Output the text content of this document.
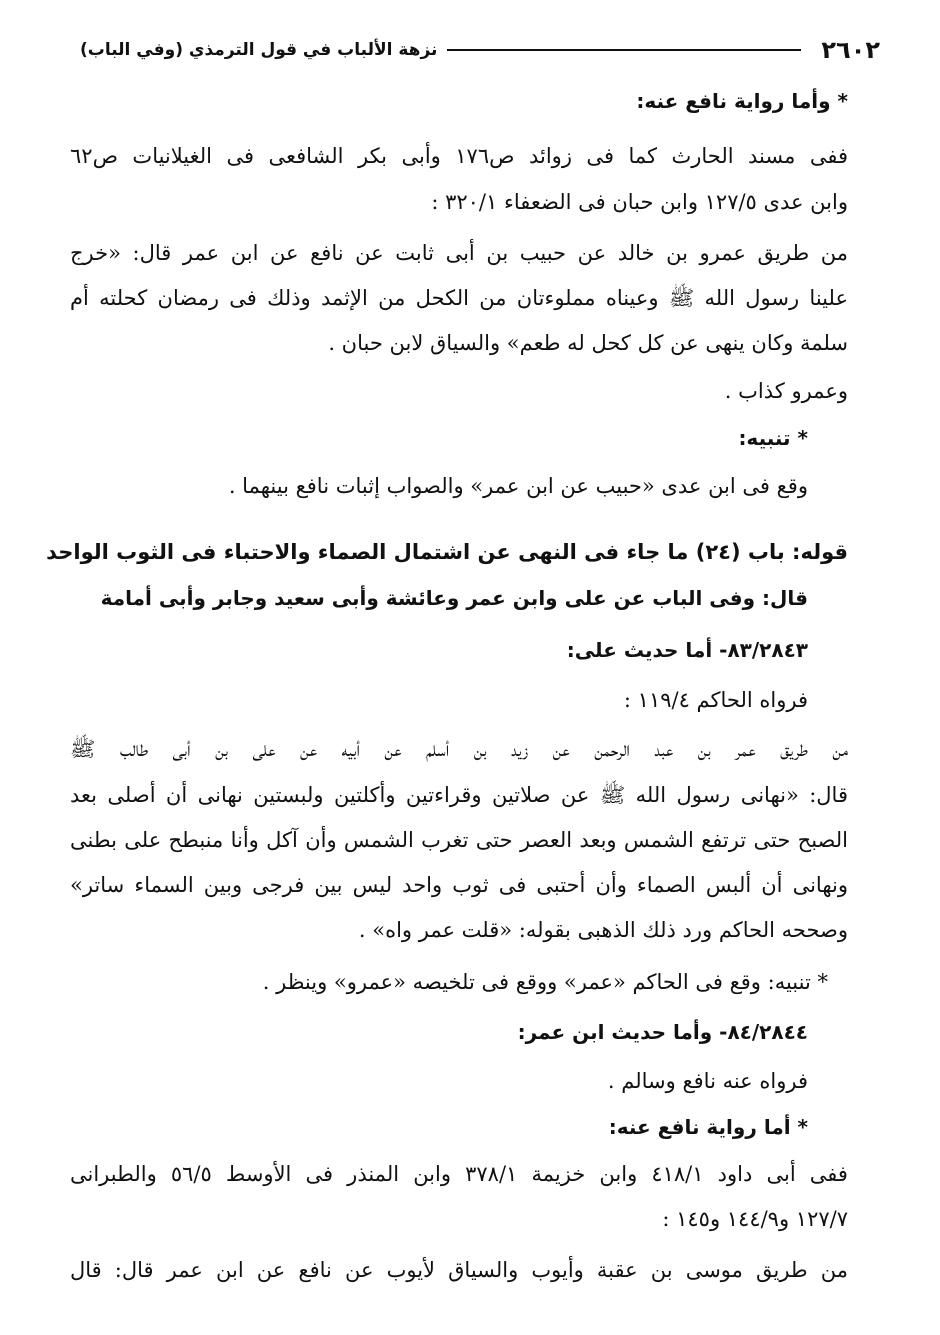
٢٦٠٢
نزهة الألباب في قول الترمذي (وفي الباب)
* وأما رواية نافع عنه:
ففى مسند الحارث كما فى زوائد ص١٧٦ وأبى بكر الشافعى فى الغيلانيات ص٦٢
وابن عدى ١٢٧/٥ وابن حبان فى الضعفاء ٣٢٠/١ :
من طريق عمرو بن خالد عن حبيب بن أبى ثابت عن نافع عن ابن عمر قال: «خرج
علينا رسول الله ﷺ وعيناه مملوءتان من الكحل من الإثمد وذلك فى رمضان كحلته أم
سلمة وكان ينهى عن كل كحل له طعم» والسياق لابن حبان .
وعمرو كذاب .
* تنبيه:
وقع فى ابن عدى «حبيب عن ابن عمر» والصواب إثبات نافع بينهما .
قوله: باب (٢٤) ما جاء فى النهى عن اشتمال الصماء والاحتباء فى الثوب الواحد
قال: وفى الباب عن على وابن عمر وعائشة وأبى سعيد وجابر وأبى أمامة
٨٣/٢٨٤٣- أما حديث على:
فرواه الحاكم ١١٩/٤ :
من طريق عمر بن عبد الرحمن عن زيد بن أسلم عن أبيه عن على بن أبى طالب ﷺ
قال: «نهانى رسول الله ﷺ عن صلاتين وقراءتين وأكلتين ولبستين نهانى أن أصلى بعد
الصبح حتى ترتفع الشمس وبعد العصر حتى تغرب الشمس وأن آكل وأنا منبطح على بطنى
ونهانى أن ألبس الصماء وأن أحتبى فى ثوب واحد ليس بين فرجى وبين السماء ساتر»
وصححه الحاكم ورد ذلك الذهبى بقوله: «قلت عمر واه» .
* تنبيه: وقع فى الحاكم «عمر» ووقع فى تلخيصه «عمرو» وينظر .
٨٤/٢٨٤٤- وأما حديث ابن عمر:
فرواه عنه نافع وسالم .
* أما رواية نافع عنه:
ففى أبى داود ٤١٨/١ وابن خزيمة ٣٧٨/١ وابن المنذر فى الأوسط ٥٦/٥ والطبرانى
١٢٧/٧ و١٤٤/٩ و١٤٥ :
من طريق موسى بن عقبة وأيوب والسياق لأيوب عن نافع عن ابن عمر قال: قال
